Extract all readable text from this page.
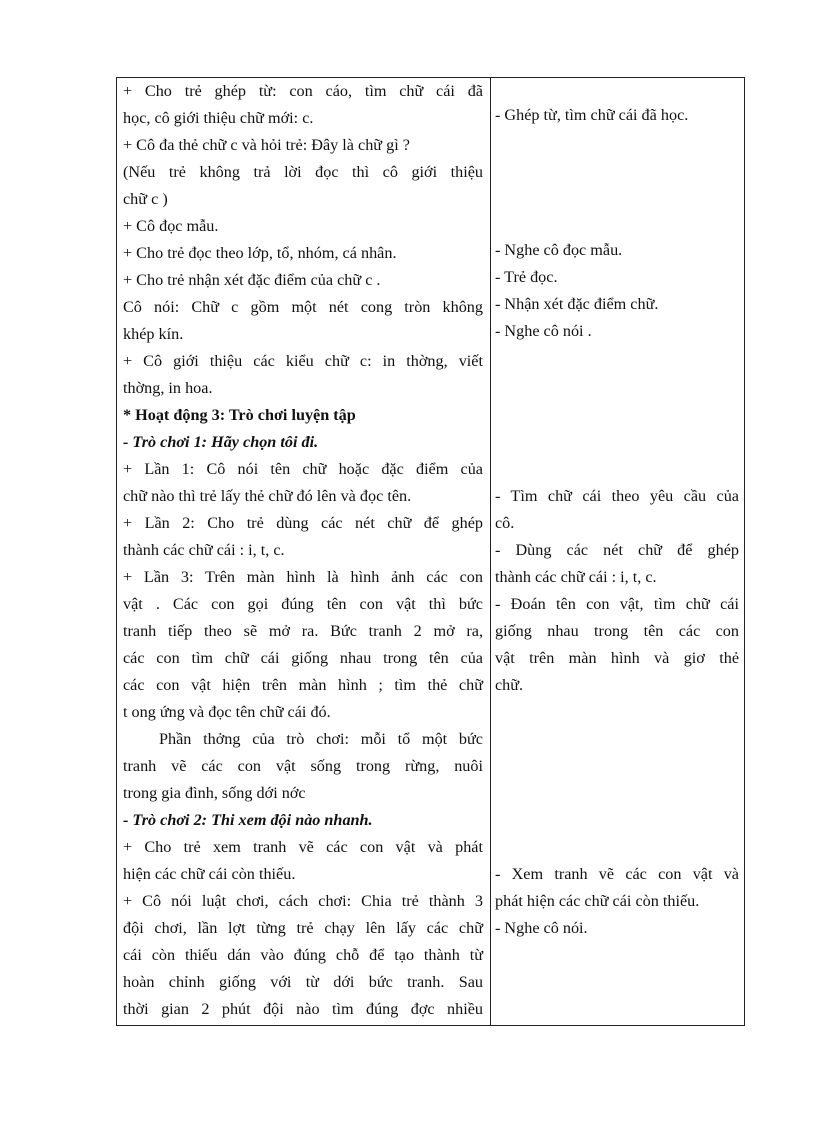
+ Cho trẻ ghép từ: con cáo, tìm chữ cái đã
học, cô giới thiệu chữ mới: c.
+ Cô đa thẻ chữ c và hỏi trẻ: Đây là chữ gì ?
(Nếu trẻ không trả lời đọc thì cô giới thiệu
chữ c )
+ Cô đọc mẫu.
+ Cho trẻ đọc theo lớp, tổ, nhóm, cá nhân.
+ Cho trẻ nhận xét đặc điểm của chữ c .
Cô nói: Chữ c gồm một nét cong tròn không
khép kín.
+ Cô giới thiệu các kiểu chữ c: in thờng, viết
thờng, in hoa.
* Hoạt động 3: Trò chơi luyện tập
- Trò chơi 1: Hãy chọn tôi đi.
+ Lần 1: Cô nói tên chữ hoặc đặc điểm của
chữ nào thì trẻ lấy thẻ chữ đó lên và đọc tên.
+ Lần 2: Cho trẻ dùng các nét chữ để ghép
thành các chữ cái : i, t, c.
+ Lần 3: Trên màn hình là hình ảnh các con
vật . Các con gọi đúng tên con vật thì bức
tranh tiếp theo sẽ mở ra. Bức tranh 2 mở ra,
các con tìm chữ cái giống nhau trong tên của
các con vật hiện trên màn hình ; tìm thẻ chữ
t ong ứng và đọc tên chữ cái đó.
Phần thởng của trò chơi: mỗi tổ một bức
tranh vẽ các con vật sống trong rừng, nuôi
trong gia đình, sống dới nớc
- Trò chơi 2: Thi xem đội nào nhanh.
+ Cho trẻ xem tranh vẽ các con vật và phát
hiện các chữ cái còn thiếu.
+ Cô nói luật chơi, cách chơi: Chia trẻ thành 3
đội chơi, lần lợt từng trẻ chạy lên lấy các chữ
cái còn thiếu dán vào đúng chỗ để tạo thành từ
hoàn chỉnh giống với từ dới bức tranh. Sau
thời gian 2 phút đội nào tìm đúng đợc nhiều
- Ghép từ, tìm chữ cái đã học.
- Nghe cô đọc mẫu.
- Trẻ đọc.
- Nhận xét đặc điểm chữ.
- Nghe cô nói .
- Tìm chữ cái theo yêu cầu của
cô.
- Dùng các nét chữ để ghép
thành các chữ cái : i, t, c.
- Đoán tên con vật, tìm chữ cái
giống nhau trong tên các con
vật trên màn hình và giơ thẻ
chữ.
- Xem tranh vẽ các con vật và
phát hiện các chữ cái còn thiếu.
- Nghe cô nói.
